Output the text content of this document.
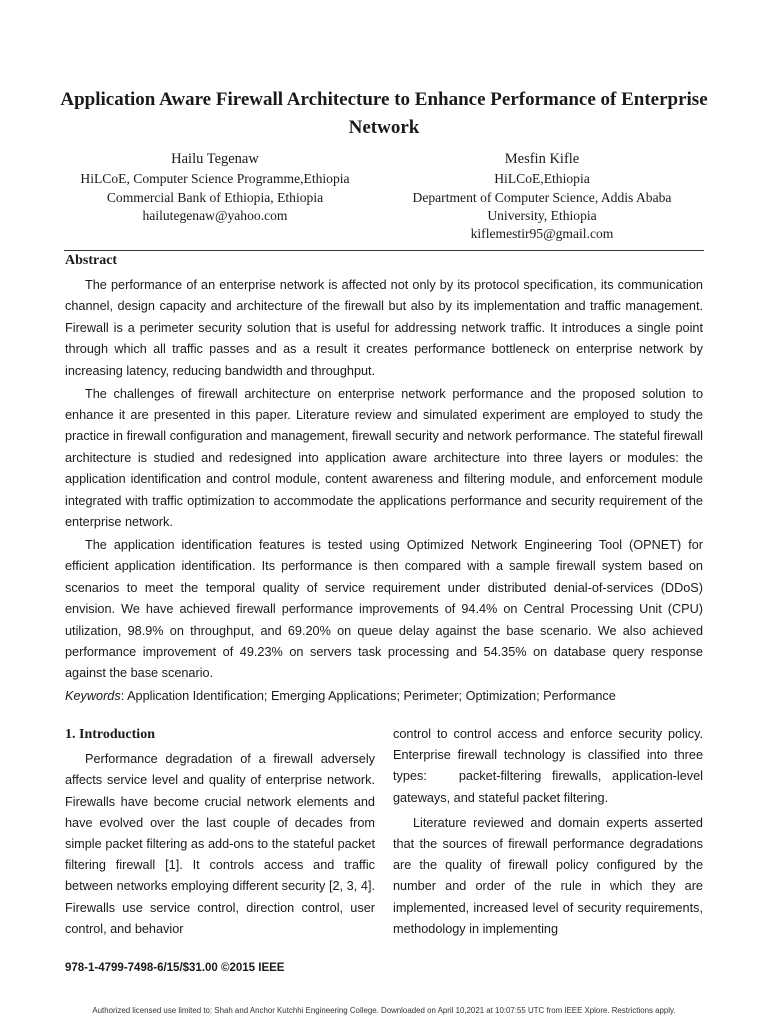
Application Aware Firewall Architecture to Enhance Performance of Enterprise Network
Hailu Tegenaw
HiLCoE, Computer Science Programme,Ethiopia
Commercial Bank of Ethiopia, Ethiopia
hailutegenaw@yahoo.com
Mesfin Kifle
HiLCoE,Ethiopia
Department of Computer Science, Addis Ababa
University, Ethiopia
kiflemestir95@gmail.com
Abstract

The performance of an enterprise network is affected not only by its protocol specification, its communication channel, design capacity and architecture of the firewall but also by its implementation and traffic management. Firewall is a perimeter security solution that is useful for addressing network traffic. It introduces a single point through which all traffic passes and as a result it creates performance bottleneck on enterprise network by increasing latency, reducing bandwidth and throughput.

The challenges of firewall architecture on enterprise network performance and the proposed solution to enhance it are presented in this paper. Literature review and simulated experiment are employed to study the practice in firewall configuration and management, firewall security and network performance. The stateful firewall architecture is studied and redesigned into application aware architecture into three layers or modules: the application identification and control module, content awareness and filtering module, and enforcement module integrated with traffic optimization to accommodate the applications performance and security requirement of the enterprise network.

The application identification features is tested using Optimized Network Engineering Tool (OPNET) for efficient application identification. Its performance is then compared with a sample firewall system based on scenarios to meet the temporal quality of service requirement under distributed denial-of-services (DDoS) envision. We have achieved firewall performance improvements of 94.4% on Central Processing Unit (CPU) utilization, 98.9% on throughput, and 69.20% on queue delay against the base scenario. We also achieved performance improvement of 49.23% on servers task processing and 54.35% on database query response against the base scenario.

Keywords: Application Identification; Emerging Applications; Perimeter; Optimization; Performance

1. Introduction

Performance degradation of a firewall adversely affects service level and quality of enterprise network. Firewalls have become crucial network elements and have evolved over the last couple of decades from simple packet filtering as add-ons to the stateful packet filtering firewall [1]. It controls access and traffic between networks employing different security [2, 3, 4]. Firewalls use service control, direction control, user control, and behavior

control to control access and enforce security policy. Enterprise firewall technology is classified into three types:   packet-filtering firewalls, application-level gateways, and stateful packet filtering.

Literature reviewed and domain experts asserted that the sources of firewall performance degradations are the quality of firewall policy configured by the number and order of the rule in which they are implemented, increased level of security requirements, methodology in implementing

978-1-4799-7498-6/15/$31.00 ©2015 IEEE
Authorized licensed use limited to: Shah and Anchor Kutchhi Engineering College. Downloaded on April 10,2021 at 10:07:55 UTC from IEEE Xplore. Restrictions apply.
